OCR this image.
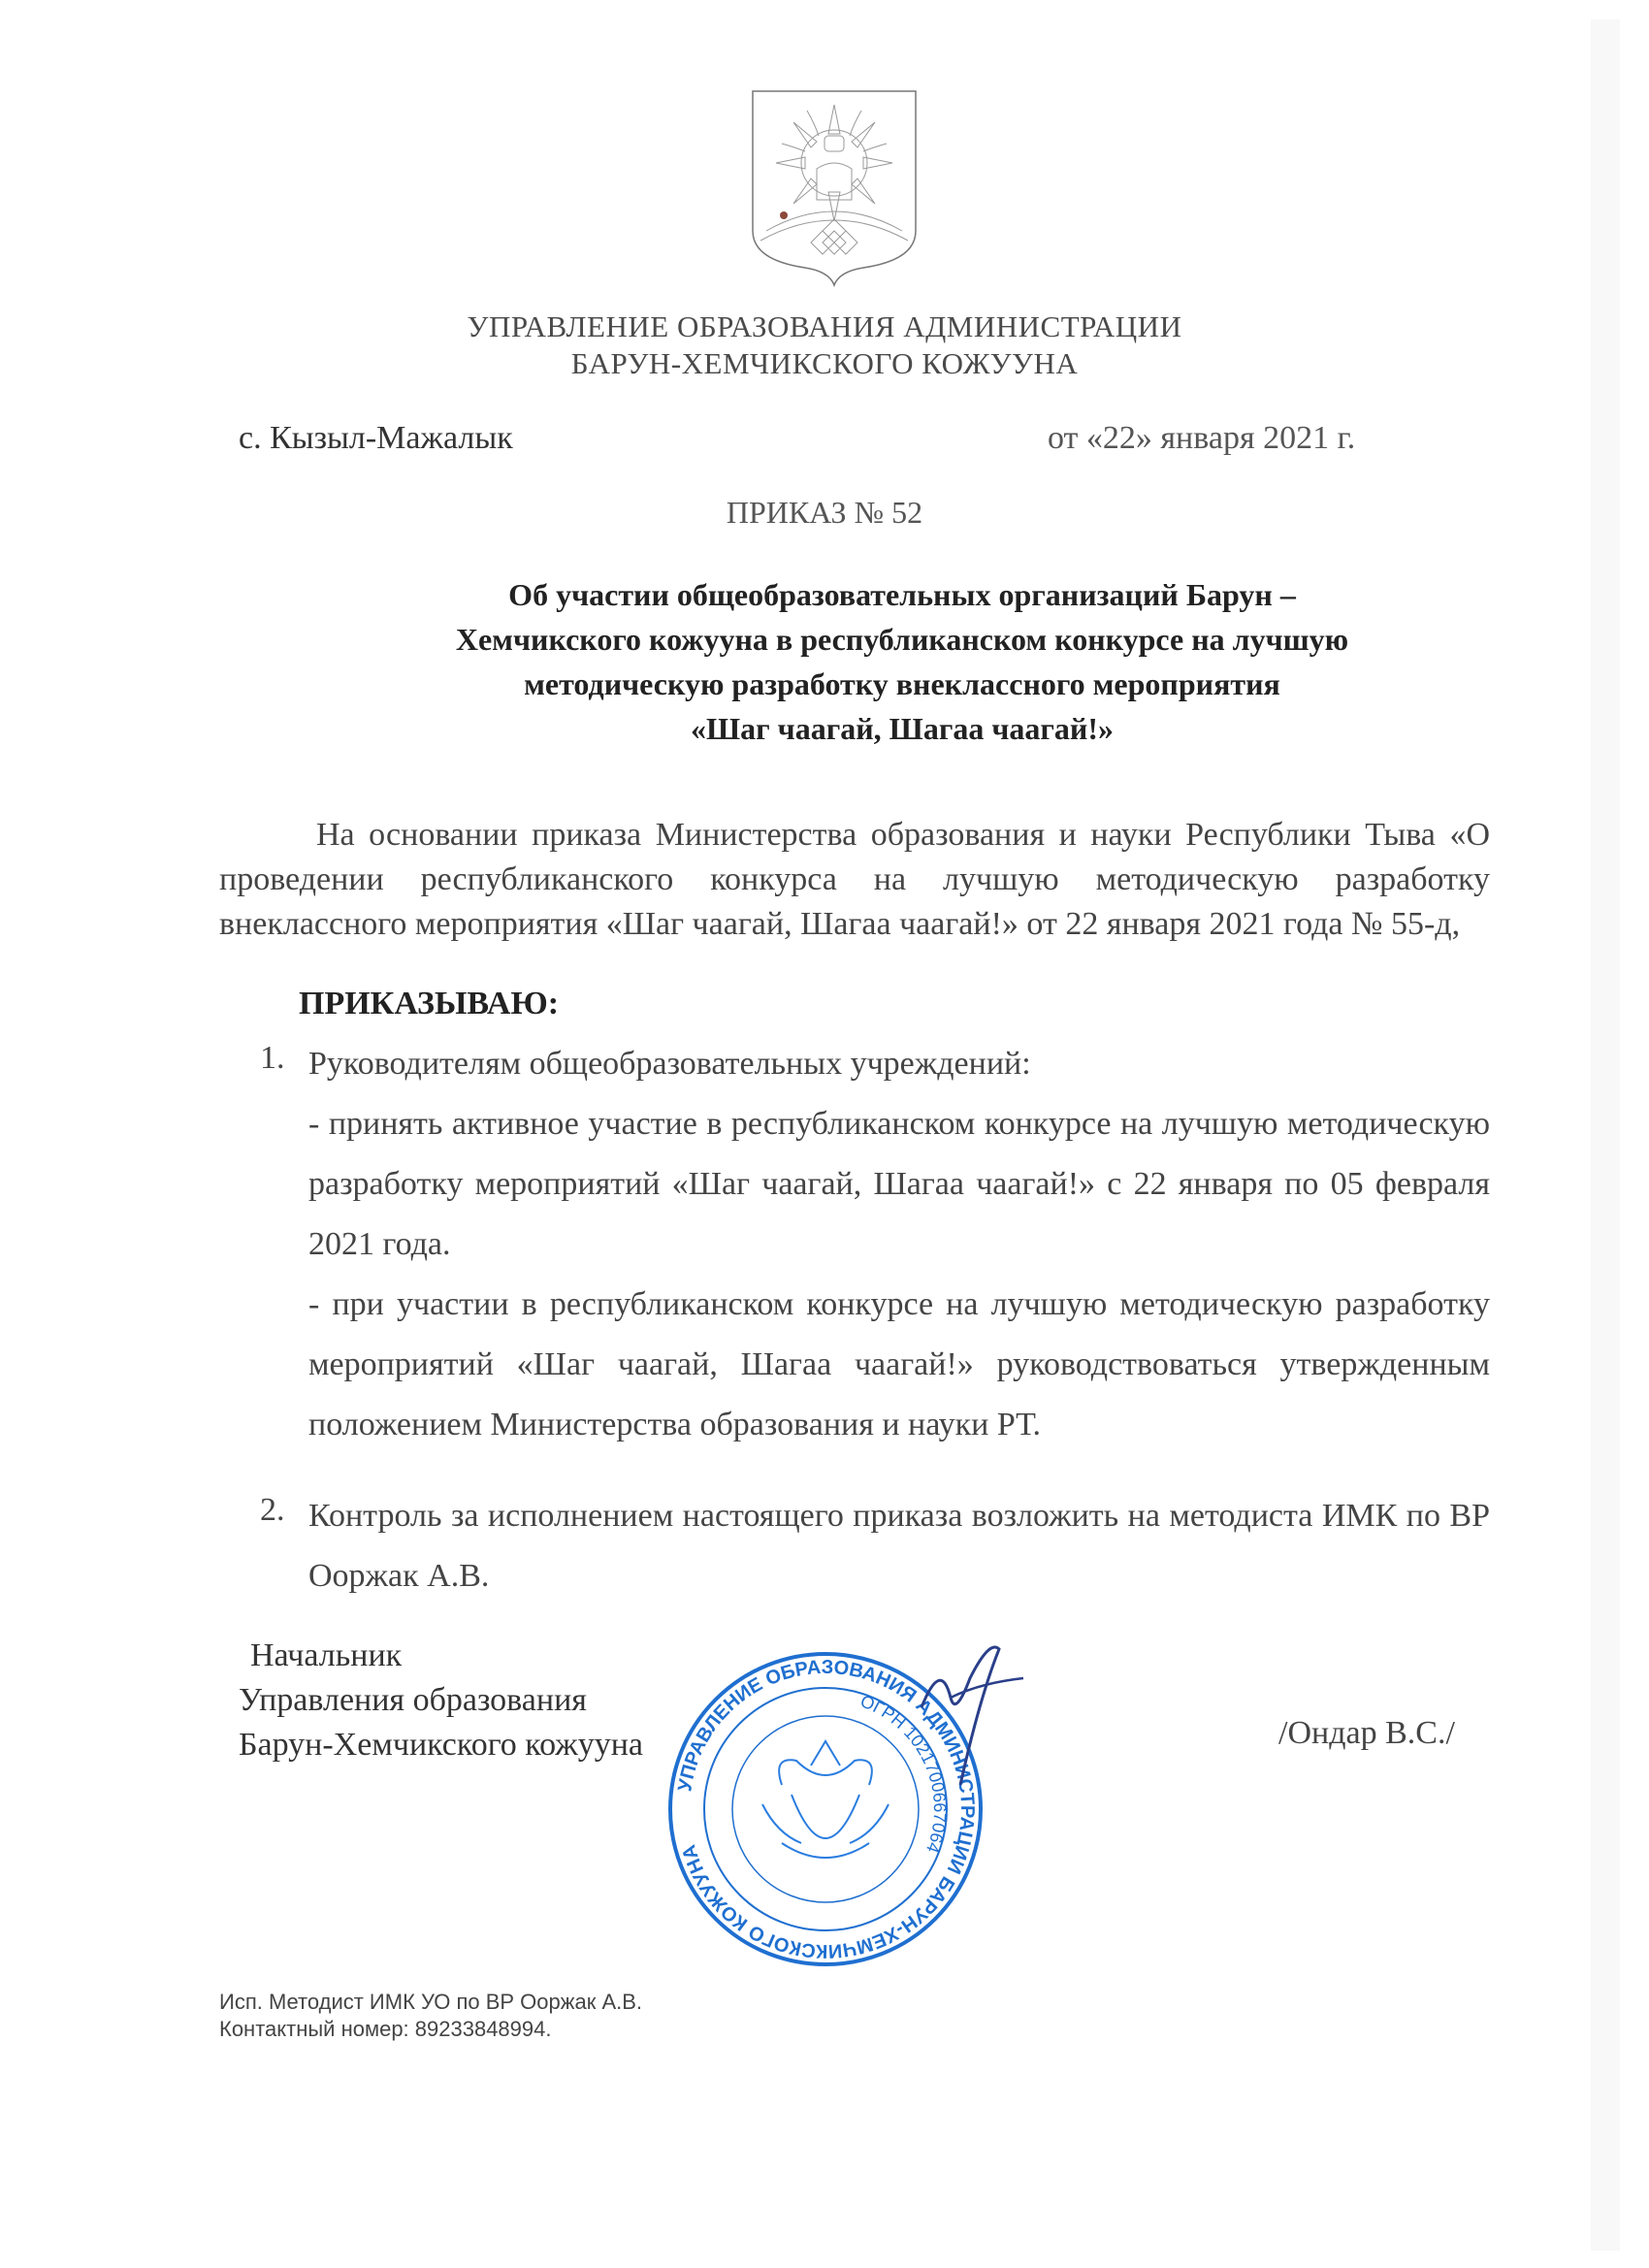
УПРАВЛЕНИЕ ОБРАЗОВАНИЯ АДМИНИСТРАЦИИ
БАРУН-ХЕМЧИКСКОГО КОЖУУНА
с. Кызыл-Мажалык	от «22» января 2021 г.
ПРИКАЗ № 52
Об участии общеобразовательных организаций Барун –
Хемчикского кожууна в республиканском конкурсе на лучшую
методическую разработку внеклассного мероприятия
«Шаг чаагай, Шагаа чаагай!»
На основании приказа Министерства образования и науки Республики Тыва «О проведении республиканского конкурса на лучшую методическую разработку внеклассного мероприятия «Шаг чаагай, Шагаа чаагай!» от 22 января 2021 года № 55-д,
ПРИКАЗЫВАЮ:
1. Руководителям общеобразовательных учреждений:
- принять активное участие в республиканском конкурсе на лучшую методическую разработку мероприятий «Шаг чаагай, Шагаа чаагай!» с 22 января по 05 февраля 2021 года.
- при участии в республиканском конкурсе на лучшую методическую разработку мероприятий «Шаг чаагай, Шагаа чаагай!» руководствоваться утвержденным положением Министерства образования и науки РТ.
2. Контроль за исполнением настоящего приказа возложить на методиста ИМК по ВР Ооржак А.В.
Начальник
Управления образования
Барун-Хемчикского кожууна	/Ондар В.С./
УПРАВЛЕНИЕ ОБРАЗОВАНИЯ АДМИНИСТРАЦИИ БАРУН-ХЕМЧИКСКОГО КОЖУУНА
ОГРН 1021700667064
Исп. Методист ИМК УО по ВР Ооржак А.В.
Контактный номер: 89233848994.
